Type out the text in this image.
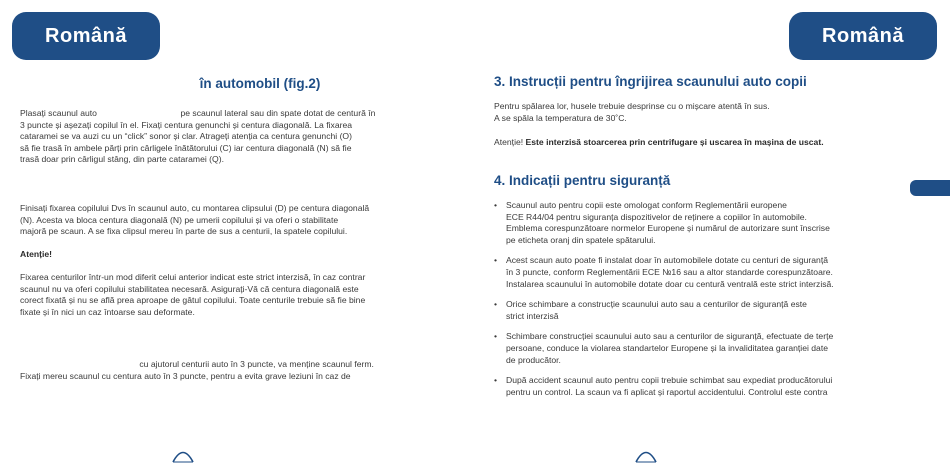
Română	Română
în automobil (fig.2)

Plasați scaunul auto                                   pe scaunul lateral sau din spate dotat de centură în
3 puncte și așezați copilul în el. Fixați centura genunchi și centura diagonală. La fixarea
cataramei se va auzi cu un “click” sonor și clar. Atrageți atenția ca centura genunchi (O)
să fie trasă în ambele părți prin cârligele înătătorului (C) iar centura diagonală (N) să fie
trasă doar prin cârligul stâng, din parte cataramei (Q).

Finisați fixarea copilului Dvs în scaunul auto, cu montarea clipsului (D) pe centura diagonală
(N). Acesta va bloca centura diagonală (N) pe umerii copilului și va oferi o stabilitate
majoră pe scaun. A se fixa clipsul mereu în parte de sus a centurii, la spatele copilului.

Atenție!

Fixarea centurilor într-un mod diferit celui anterior indicat este strict interzisă, în caz contrar
scaunul nu va oferi copilului stabilitatea necesară. Asigurați-Vă că centura diagonală este
corect fixată și nu se află prea aproape de gâtul copilului. Toate centurile trebuie să fie bine
fixate și în nici un caz întoarse sau deformate.

cu ajutorul centurii auto în 3 puncte, va menține scaunul ferm.
Fixați mereu scaunul cu centura auto în 3 puncte, pentru a evita grave leziuni în caz de

3. Instrucții pentru îngrijirea scaunului auto copii

Pentru spălarea lor, husele trebuie desprinse cu o mișcare atentă în sus.
A se spăla la temperatura de 30˚C.

Atenție! Este interzisă stoarcerea prin centrifugare și uscarea în mașina de uscat.

4. Indicații pentru siguranță
• Scaunul auto pentru copii este omologat conform Reglementării europene
ECE R44/04 pentru siguranța dispozitivelor de reținere a copiilor în automobile.
Emblema corespunzătoare normelor Europene și numărul de autorizare sunt înscrise
pe eticheta oranj din spatele spătarului.
• Acest scaun auto poate fi instalat doar în automobilele dotate cu centuri de siguranță
în 3 puncte, conform Reglementării ECE №16 sau a altor standarde corespunzătoare.
Instalarea scaunului în automobile dotate doar cu centură ventrală este strict interzisă.
• Orice schimbare a construcție scaunului auto sau a centurilor de siguranță este
strict interzisă
• Schimbare construcției scaunului auto sau a centurilor de siguranță, efectuate de terțe
persoane, conduce la violarea standartelor Europene și la invaliditatea garanției date
de producător.
• După accident scaunul auto pentru copii trebuie schimbat sau expediat producătorului
pentru un control. La scaun va fi aplicat și raportul accidentului. Controlul este contra
